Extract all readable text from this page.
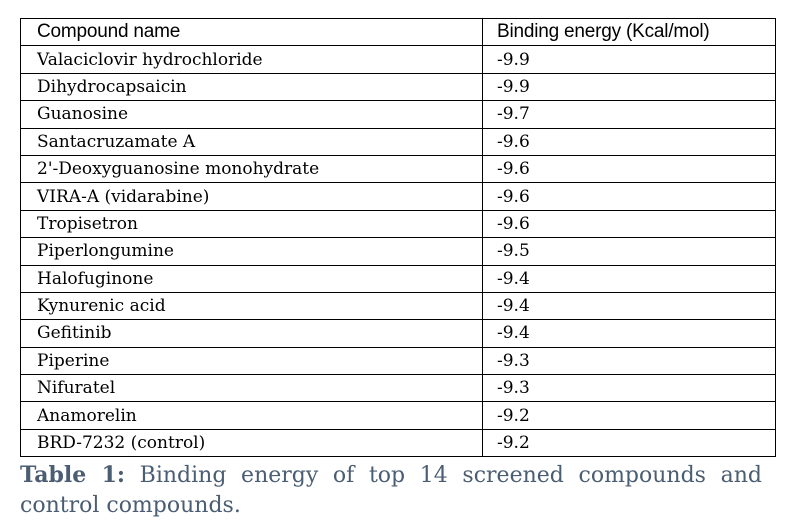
Compound name	Binding energy (Kcal/mol)
Valaciclovir hydrochloride	-9.9
Dihydrocapsaicin	-9.9
Guanosine	-9.7
Santacruzamate A	-9.6
2'-Deoxyguanosine monohydrate	-9.6
VIRA-A (vidarabine)	-9.6
Tropisetron	-9.6
Piperlongumine	-9.5
Halofuginone	-9.4
Kynurenic acid	-9.4
Gefitinib	-9.4
Piperine	-9.3
Nifuratel	-9.3
Anamorelin	-9.2
BRD-7232 (control)	-9.2
Table 1: Binding energy of top 14 screened compounds and
control compounds.
